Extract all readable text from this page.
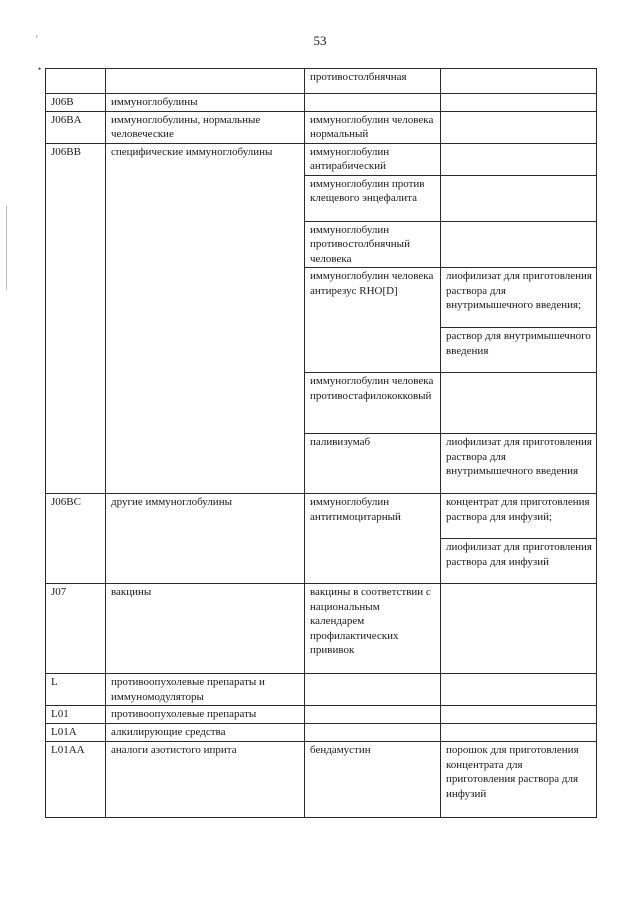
53
'
•
		противостолбнячная	
J06B	иммуноглобулины		
J06BA	иммуноглобулины, нормальные человеческие	иммуноглобулин человека нормальный	
J06BB	специфические иммуноглобулины	иммуноглобулин антирабический	
		иммуноглобулин против клещевого энцефалита	
		иммуноглобулин противостолбнячный человека	
		иммуноглобулин человека антирезус RHO[D]	лиофилизат для приготовления раствора для внутримышечного введения;
			раствор для внутримышечного введения
		иммуноглобулин человека противостафилококковый	
		паливизумаб	лиофилизат для приготовления раствора для внутримышечного введения
J06BC	другие иммуноглобулины	иммуноглобулин антитимоцитарный	концентрат для приготовления раствора для инфузий;
			лиофилизат для приготовления раствора для инфузий
J07	вакцины	вакцины в соответствии с национальным календарем профилактических прививок	
L	противоопухолевые препараты и иммуномодуляторы		
L01	противоопухолевые препараты		
L01A	алкилирующие средства		
L01AA	аналоги азотистого иприта	бендамустин	порошок для приготовления концентрата для приготовления раствора для инфузий
